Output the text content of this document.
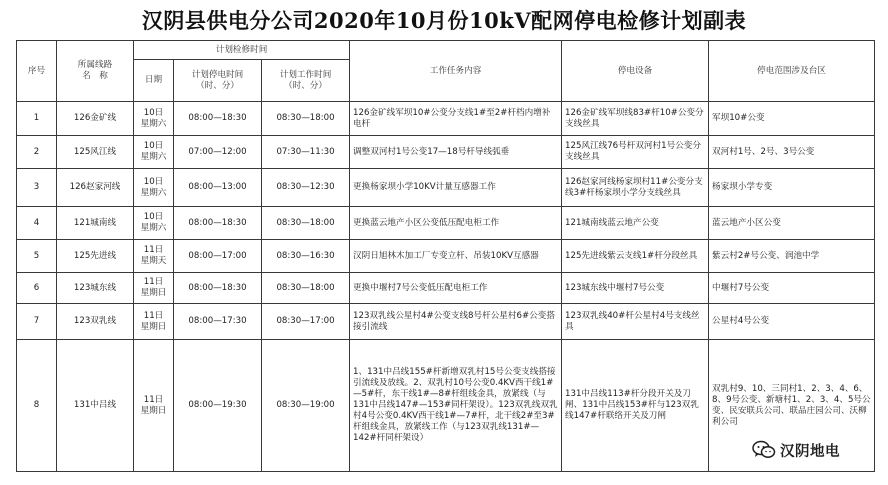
汉阴县供电分公司2020年10月份10kV配网停电检修计划副表
序号	所属线路
名　称	计划检修时间			工作任务内容	停电设备	停电范围涉及台区
		日期	计划停电时间
（时、分）	计划工作时间
（时、分）			

1	126金矿线	10日
星期六	08:00—18:30	08:30—18:00	126金矿线军坝10#公变分支线1#至2#杆档内增补电杆	126金矿线军坝线83#杆10#公变分支线丝具	军坝10#公变
2	125风江线	10日
星期六	07:00—12:00	07:30—11:30	调整双河村1号公变17—18号杆导线弧垂	125风江线76号杆双河村1号公变分支线丝具	双河村1号、2号、3号公变
3	126赵家河线	10日
星期六	08:00—13:00	08:30—12:30	更换杨家坝小学10KV计量互感器工作	126赵家河线杨家坝村11#公变分支线3#杆杨家坝小学分支线丝具	杨家坝小学专变
4	121城南线	10日
星期六	08:00—18:30	08:30—18:00	更换蓝云地产小区公变低压配电柜工作	121城南线蓝云地产公变	蓝云地产小区公变
5	125先进线	11日
星期天	08:00—17:00	08:30—16:30	汉阴日旭林木加工厂专变立杆、吊装10KV互感器	125先进线紫云支线1#杆分段丝具	紫云村2#号公变、润池中学
6	123城东线	11日
星期日	08:00—18:30	08:30—18:00	更换中堰村7号公变低压配电柜工作	123城东线中堰村7号公变	中堰村7号公变
7	123双乳线	11日
星期日	08:00—17:30	08:30—17:00	123双乳线公星村4#公变支线8号杆公星村6#公变搭接引流线	123双乳线40#杆公星村4号支线丝具	公星村4号公变
8	131中吕线	11日
星期日	08:00—19:30	08:30—19:00	1、131中吕线155#杆新增双乳村15号公变支线搭接引流线及放线。2、双乳村10号公变0.4KV西干线1#—5#杆，东干线1#—8#杆组线金具，放紧线（与131中吕线147#—153#同杆架设）。123双乳线双乳村4号公变0.4KV西干线1#—7#杆，北干线2#至3#杆组线金具，放紧线工作（与123双乳线131#—142#杆同杆架设）	131中吕线113#杆分段开关及刀闸、131中吕线153#杆与123双乳线147#杆联络开关及刀闸	双乳村9、10、三同村1、2、3、4、6、8、9号公变、新塘村1、2、3、4、5号公变、民安联兵公司、联品庄园公司、沃柳利公司
汉阴地电
